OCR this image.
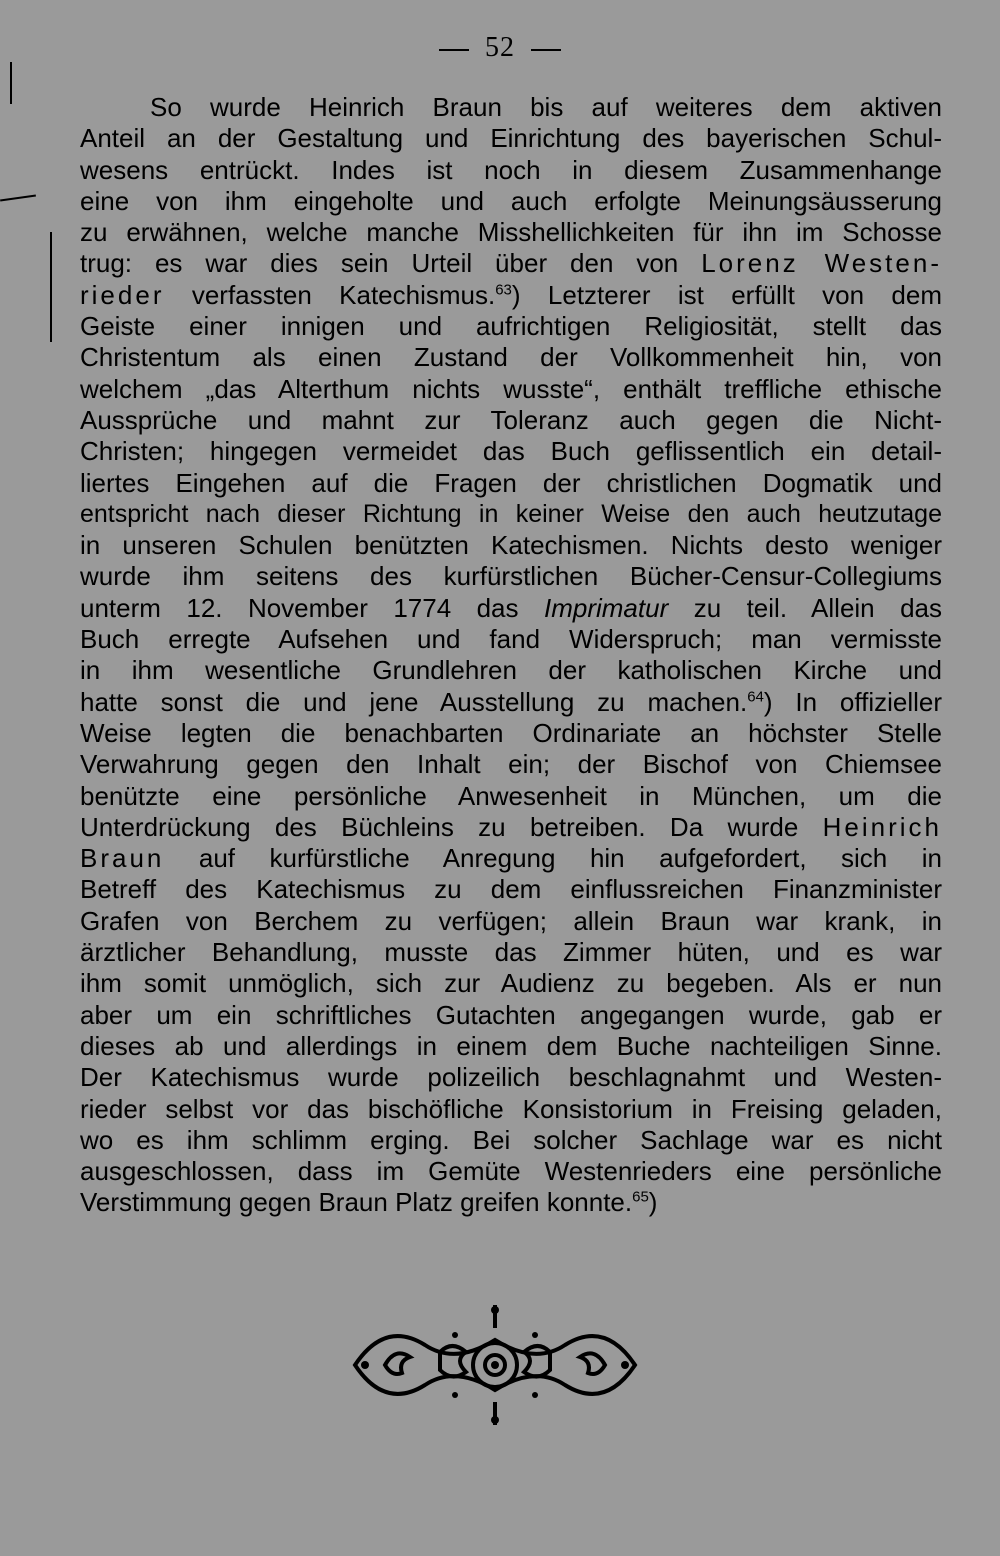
52
So wurde Heinrich Braun bis auf weiteres dem aktiven
Anteil an der Gestaltung und Einrichtung des bayerischen Schul-
wesens entrückt. Indes ist noch in diesem Zusammenhange
eine von ihm eingeholte und auch erfolgte Meinungsäusserung
zu erwähnen, welche manche Misshellichkeiten für ihn im Schosse
trug: es war dies sein Urteil über den von Lorenz Westen-
rieder verfassten Katechismus.$^{63}$) Letzterer ist erfüllt von dem
Geiste einer innigen und aufrichtigen Religiosität, stellt das
Christentum als einen Zustand der Vollkommenheit hin, von
welchem „das Alterthum nichts wusste“, enthält treffliche ethische
Aussprüche und mahnt zur Toleranz auch gegen die Nicht-
Christen; hingegen vermeidet das Buch geflissentlich ein detail-
liertes Eingehen auf die Fragen der christlichen Dogmatik und
entspricht nach dieser Richtung in keiner Weise den auch heutzutage
in unseren Schulen benützten Katechismen. Nichts desto weniger
wurde ihm seitens des kurfürstlichen Bücher-Censur-Collegiums
unterm 12. November 1774 das Imprimatur zu teil. Allein das
Buch erregte Aufsehen und fand Widerspruch; man vermisste
in ihm wesentliche Grundlehren der katholischen Kirche und
hatte sonst die und jene Ausstellung zu machen.$^{64}$) In offizieller
Weise legten die benachbarten Ordinariate an höchster Stelle
Verwahrung gegen den Inhalt ein; der Bischof von Chiemsee
benützte eine persönliche Anwesenheit in München, um die
Unterdrückung des Büchleins zu betreiben. Da wurde Heinrich
Braun auf kurfürstliche Anregung hin aufgefordert, sich in
Betreff des Katechismus zu dem einflussreichen Finanzminister
Grafen von Berchem zu verfügen; allein Braun war krank, in
ärztlicher Behandlung, musste das Zimmer hüten, und es war
ihm somit unmöglich, sich zur Audienz zu begeben. Als er nun
aber um ein schriftliches Gutachten angegangen wurde, gab er
dieses ab und allerdings in einem dem Buche nachteiligen Sinne.
Der Katechismus wurde polizeilich beschlagnahmt und Westen-
rieder selbst vor das bischöfliche Konsistorium in Freising geladen,
wo es ihm schlimm erging. Bei solcher Sachlage war es nicht
ausgeschlossen, dass im Gemüte Westenrieders eine persönliche
Verstimmung gegen Braun Platz greifen konnte.$^{65}$)
